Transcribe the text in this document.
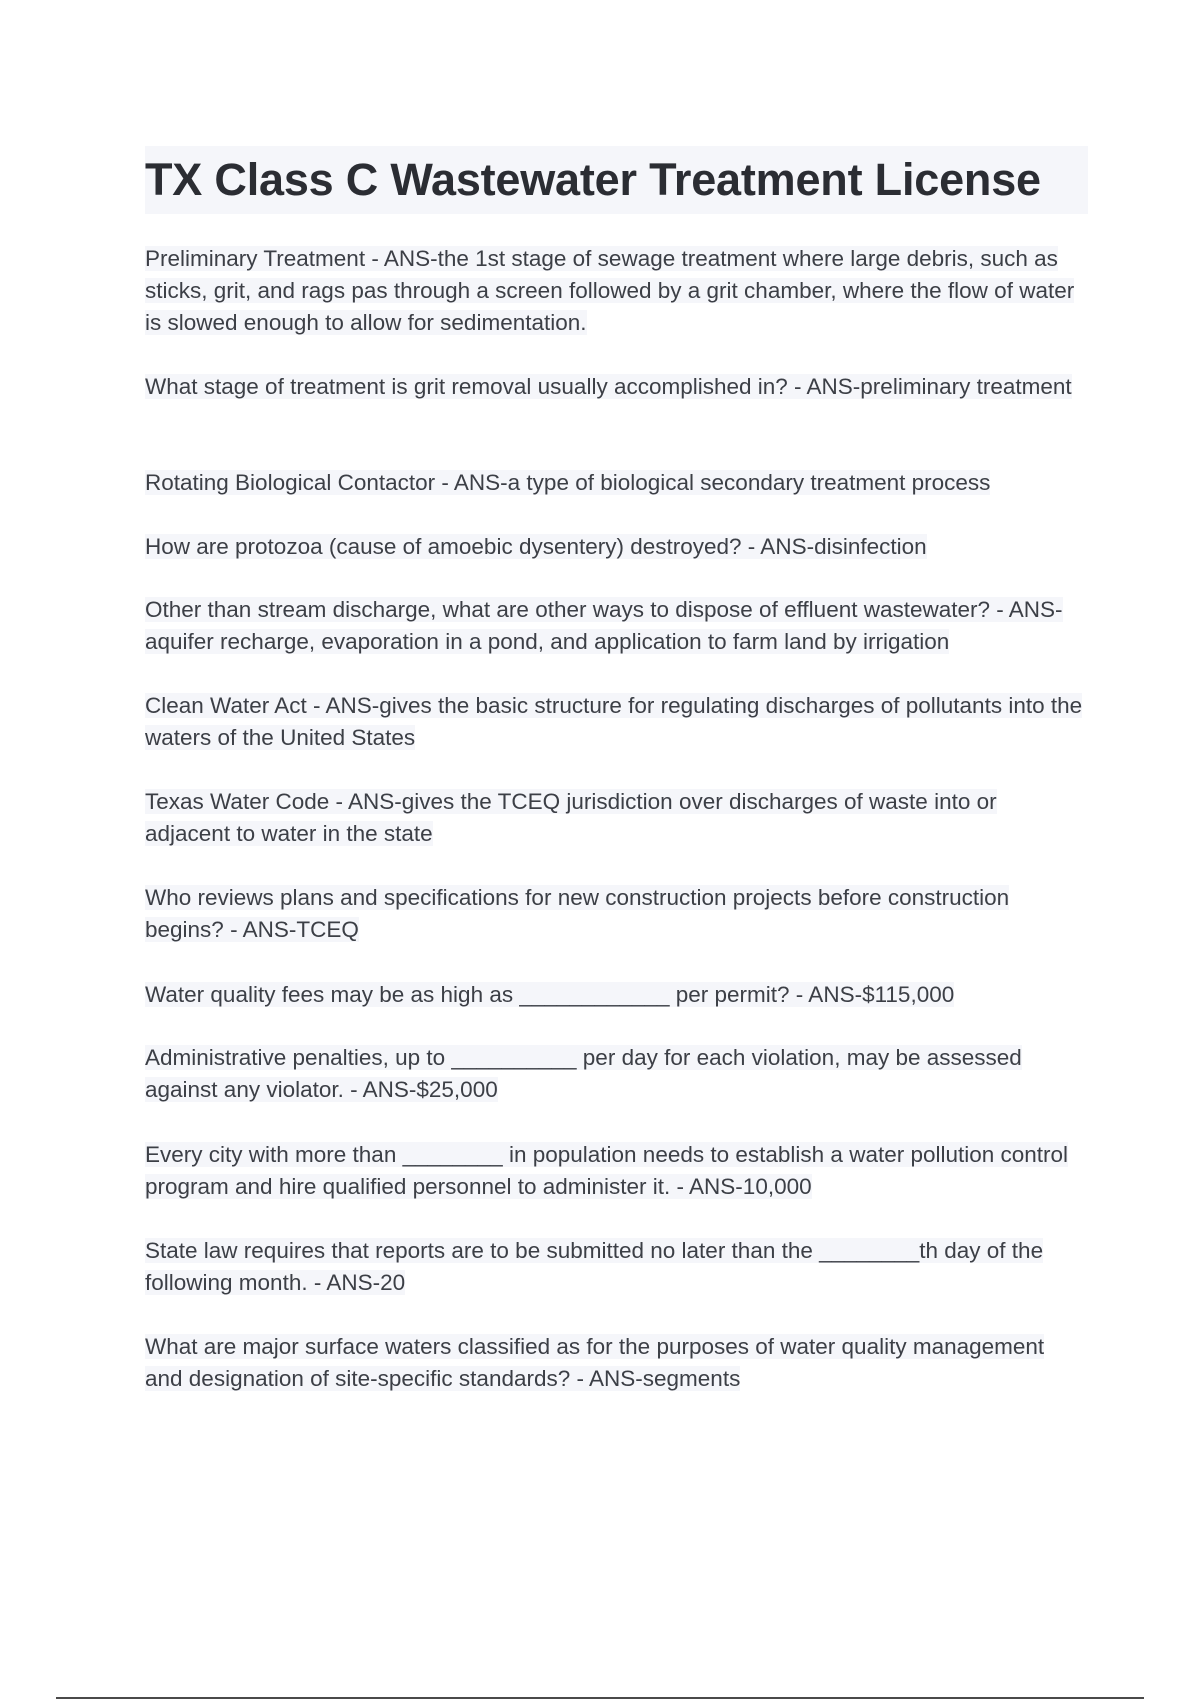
TX Class C Wastewater Treatment License

Preliminary Treatment - ANS-the 1st stage of sewage treatment where large debris, such as sticks, grit, and rags pas through a screen followed by a grit chamber, where the flow of water is slowed enough to allow for sedimentation.

What stage of treatment is grit removal usually accomplished in? - ANS-preliminary treatment

Rotating Biological Contactor - ANS-a type of biological secondary treatment process

How are protozoa (cause of amoebic dysentery) destroyed? - ANS-disinfection

Other than stream discharge, what are other ways to dispose of effluent wastewater? - ANS-aquifer recharge, evaporation in a pond, and application to farm land by irrigation

Clean Water Act - ANS-gives the basic structure for regulating discharges of pollutants into the waters of the United States

Texas Water Code - ANS-gives the TCEQ jurisdiction over discharges of waste into or adjacent to water in the state

Who reviews plans and specifications for new construction projects before construction begins? - ANS-TCEQ

Water quality fees may be as high as ____________ per permit? - ANS-$115,000

Administrative penalties, up to __________ per day for each violation, may be assessed against any violator. - ANS-$25,000

Every city with more than ________ in population needs to establish a water pollution control program and hire qualified personnel to administer it. - ANS-10,000

State law requires that reports are to be submitted no later than the ________th day of the following month. - ANS-20

What are major surface waters classified as for the purposes of water quality management and designation of site-specific standards? - ANS-segments
